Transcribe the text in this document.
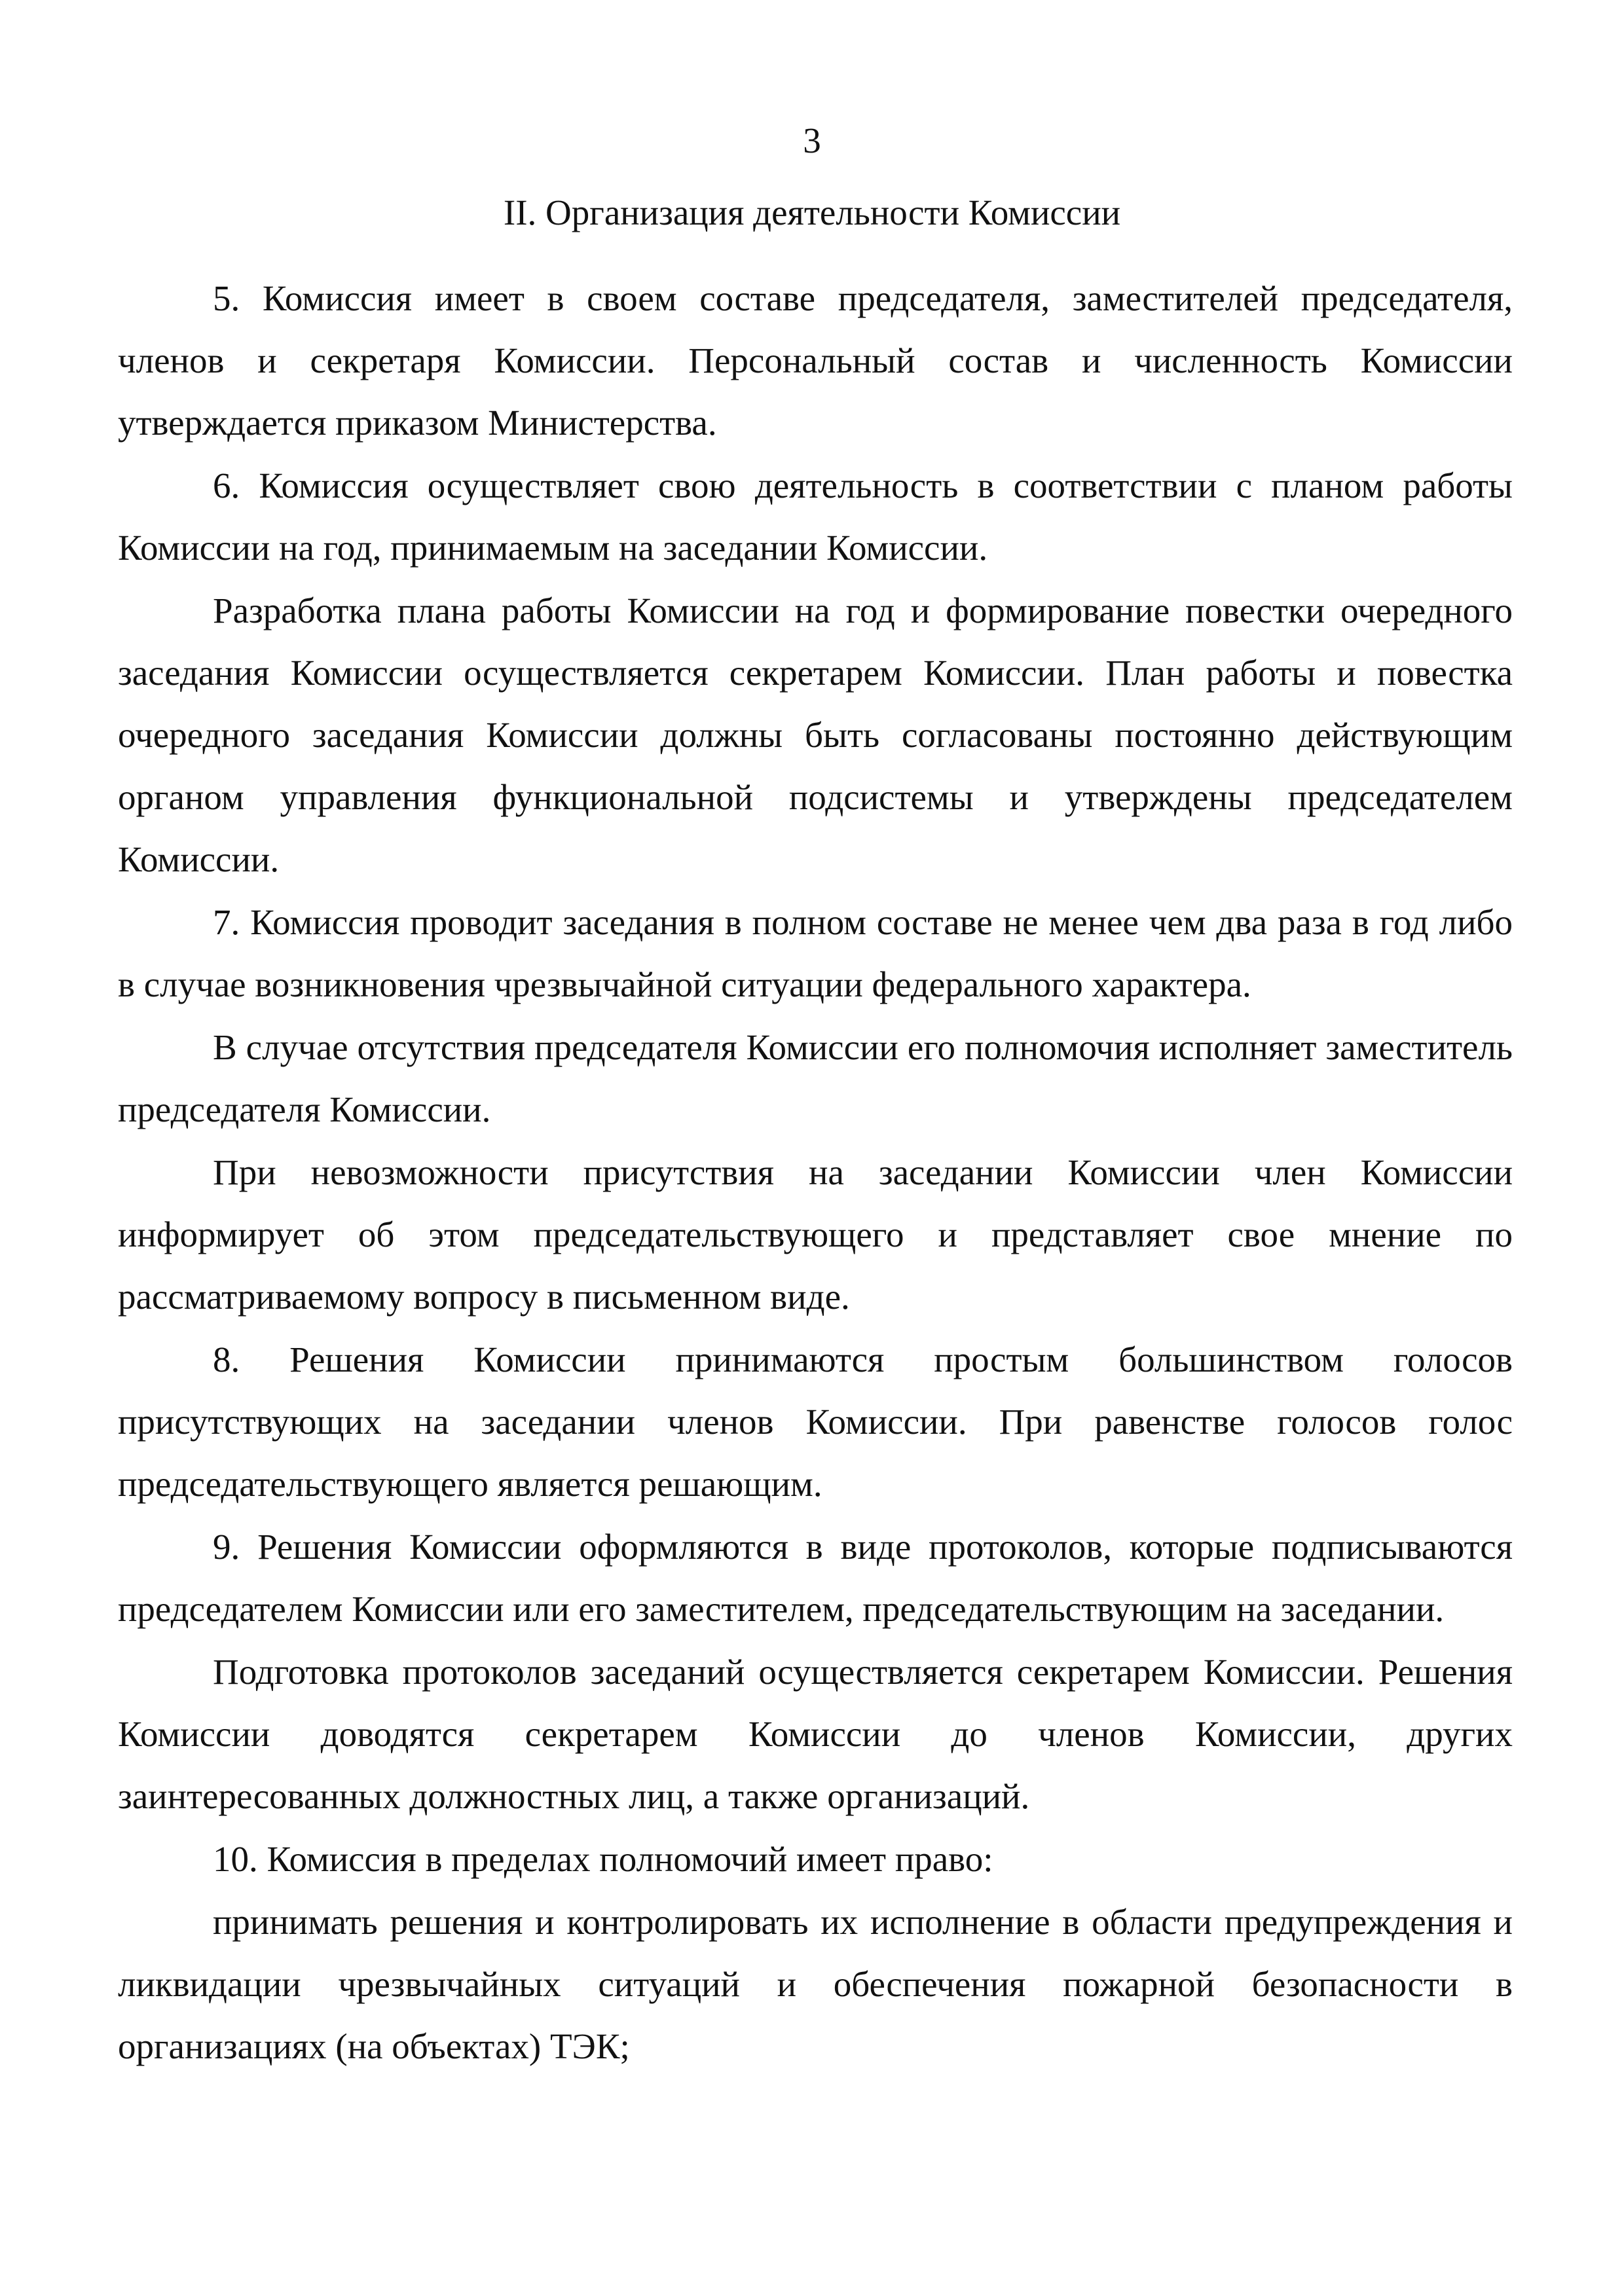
3
II. Организация деятельности Комиссии

5. Комиссия имеет в своем составе председателя, заместителей председателя, членов и секретаря Комиссии. Персональный состав и численность Комиссии утверждается приказом Министерства.

6. Комиссия осуществляет свою деятельность в соответствии с планом работы Комиссии на год, принимаемым на заседании Комиссии.

Разработка плана работы Комиссии на год и формирование повестки очередного заседания Комиссии осуществляется секретарем Комиссии. План работы и повестка очередного заседания Комиссии должны быть согласованы постоянно действующим органом управления функциональной подсистемы и утверждены председателем Комиссии.

7. Комиссия проводит заседания в полном составе не менее чем два раза в год либо в случае возникновения чрезвычайной ситуации федерального характера.

В случае отсутствия председателя Комиссии его полномочия исполняет заместитель председателя Комиссии.

При невозможности присутствия на заседании Комиссии член Комиссии информирует об этом председательствующего и представляет свое мнение по рассматриваемому вопросу в письменном виде.

8. Решения Комиссии принимаются простым большинством голосов присутствующих на заседании членов Комиссии. При равенстве голосов голос председательствующего является решающим.

9. Решения Комиссии оформляются в виде протоколов, которые подписываются председателем Комиссии или его заместителем, председательствующим на заседании.

Подготовка протоколов заседаний осуществляется секретарем Комиссии. Решения Комиссии доводятся секретарем Комиссии до членов Комиссии, других заинтересованных должностных лиц, а также организаций.

10. Комиссия в пределах полномочий имеет право:

принимать решения и контролировать их исполнение в области предупреждения и ликвидации чрезвычайных ситуаций и обеспечения пожарной безопасности в организациях (на объектах) ТЭК;
